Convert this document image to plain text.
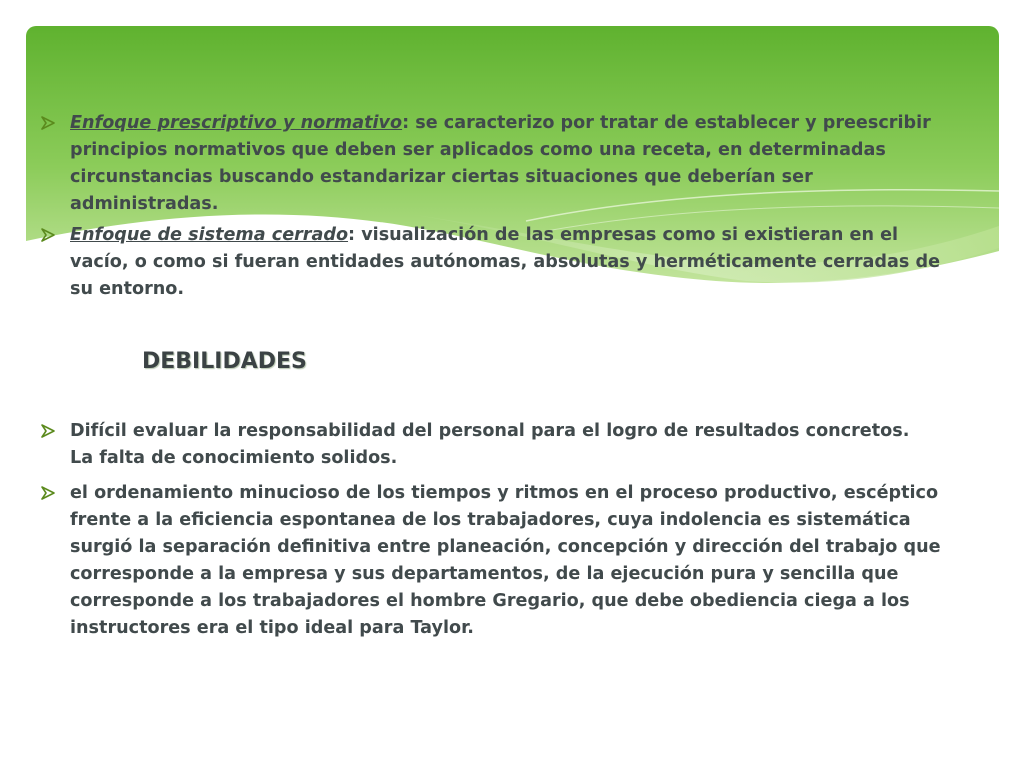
Enfoque prescriptivo y normativo: se caracterizo por tratar de establecer y preescribir principios normativos que deben ser aplicados como una receta, en determinadas circunstancias buscando estandarizar ciertas situaciones que deberían ser administradas.
Enfoque de sistema cerrado: visualización de las empresas como si existieran en el vacío, o como si fueran entidades autónomas, absolutas y herméticamente cerradas de su entorno.
DEBILIDADES
Difícil evaluar la responsabilidad del personal para el logro de resultados concretos.
La falta de conocimiento solidos.
el ordenamiento minucioso de los tiempos y ritmos en el proceso productivo, escéptico frente a la eficiencia espontanea de los trabajadores, cuya indolencia es sistemática surgió la separación definitiva entre planeación, concepción y dirección del trabajo que corresponde a la empresa y sus departamentos, de la ejecución pura y sencilla que corresponde a los trabajadores el hombre Gregario, que debe obediencia ciega a los instructores era el tipo ideal para Taylor.
